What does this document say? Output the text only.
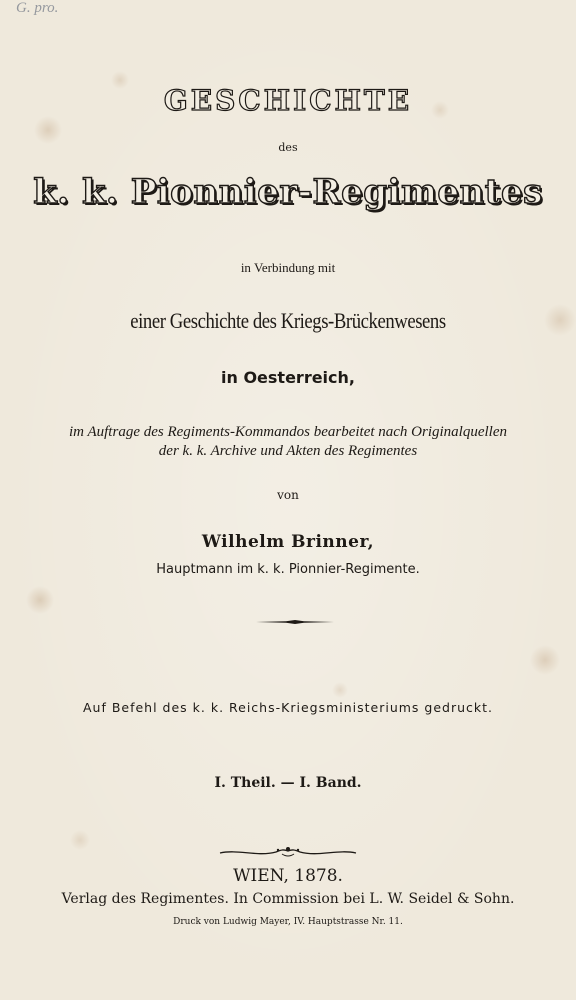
G. pro.
GESCHICHTE
des
k. k. Pionnier-Regimentes
in Verbindung mit
einer Geschichte des Kriegs-Brückenwesens
in Oesterreich,
im Auftrage des Regiments-Kommandos bearbeitet nach Originalquellen
der k. k. Archive und Akten des Regimentes
von
Wilhelm Brinner,
Hauptmann im k. k. Pionnier-Regimente.
Auf Befehl des k. k. Reichs-Kriegsministeriums gedruckt.
I. Theil. — I. Band.
WIEN, 1878.
Verlag des Regimentes. In Commission bei L. W. Seidel & Sohn.
Druck von Ludwig Mayer, IV. Hauptstrasse Nr. 11.
